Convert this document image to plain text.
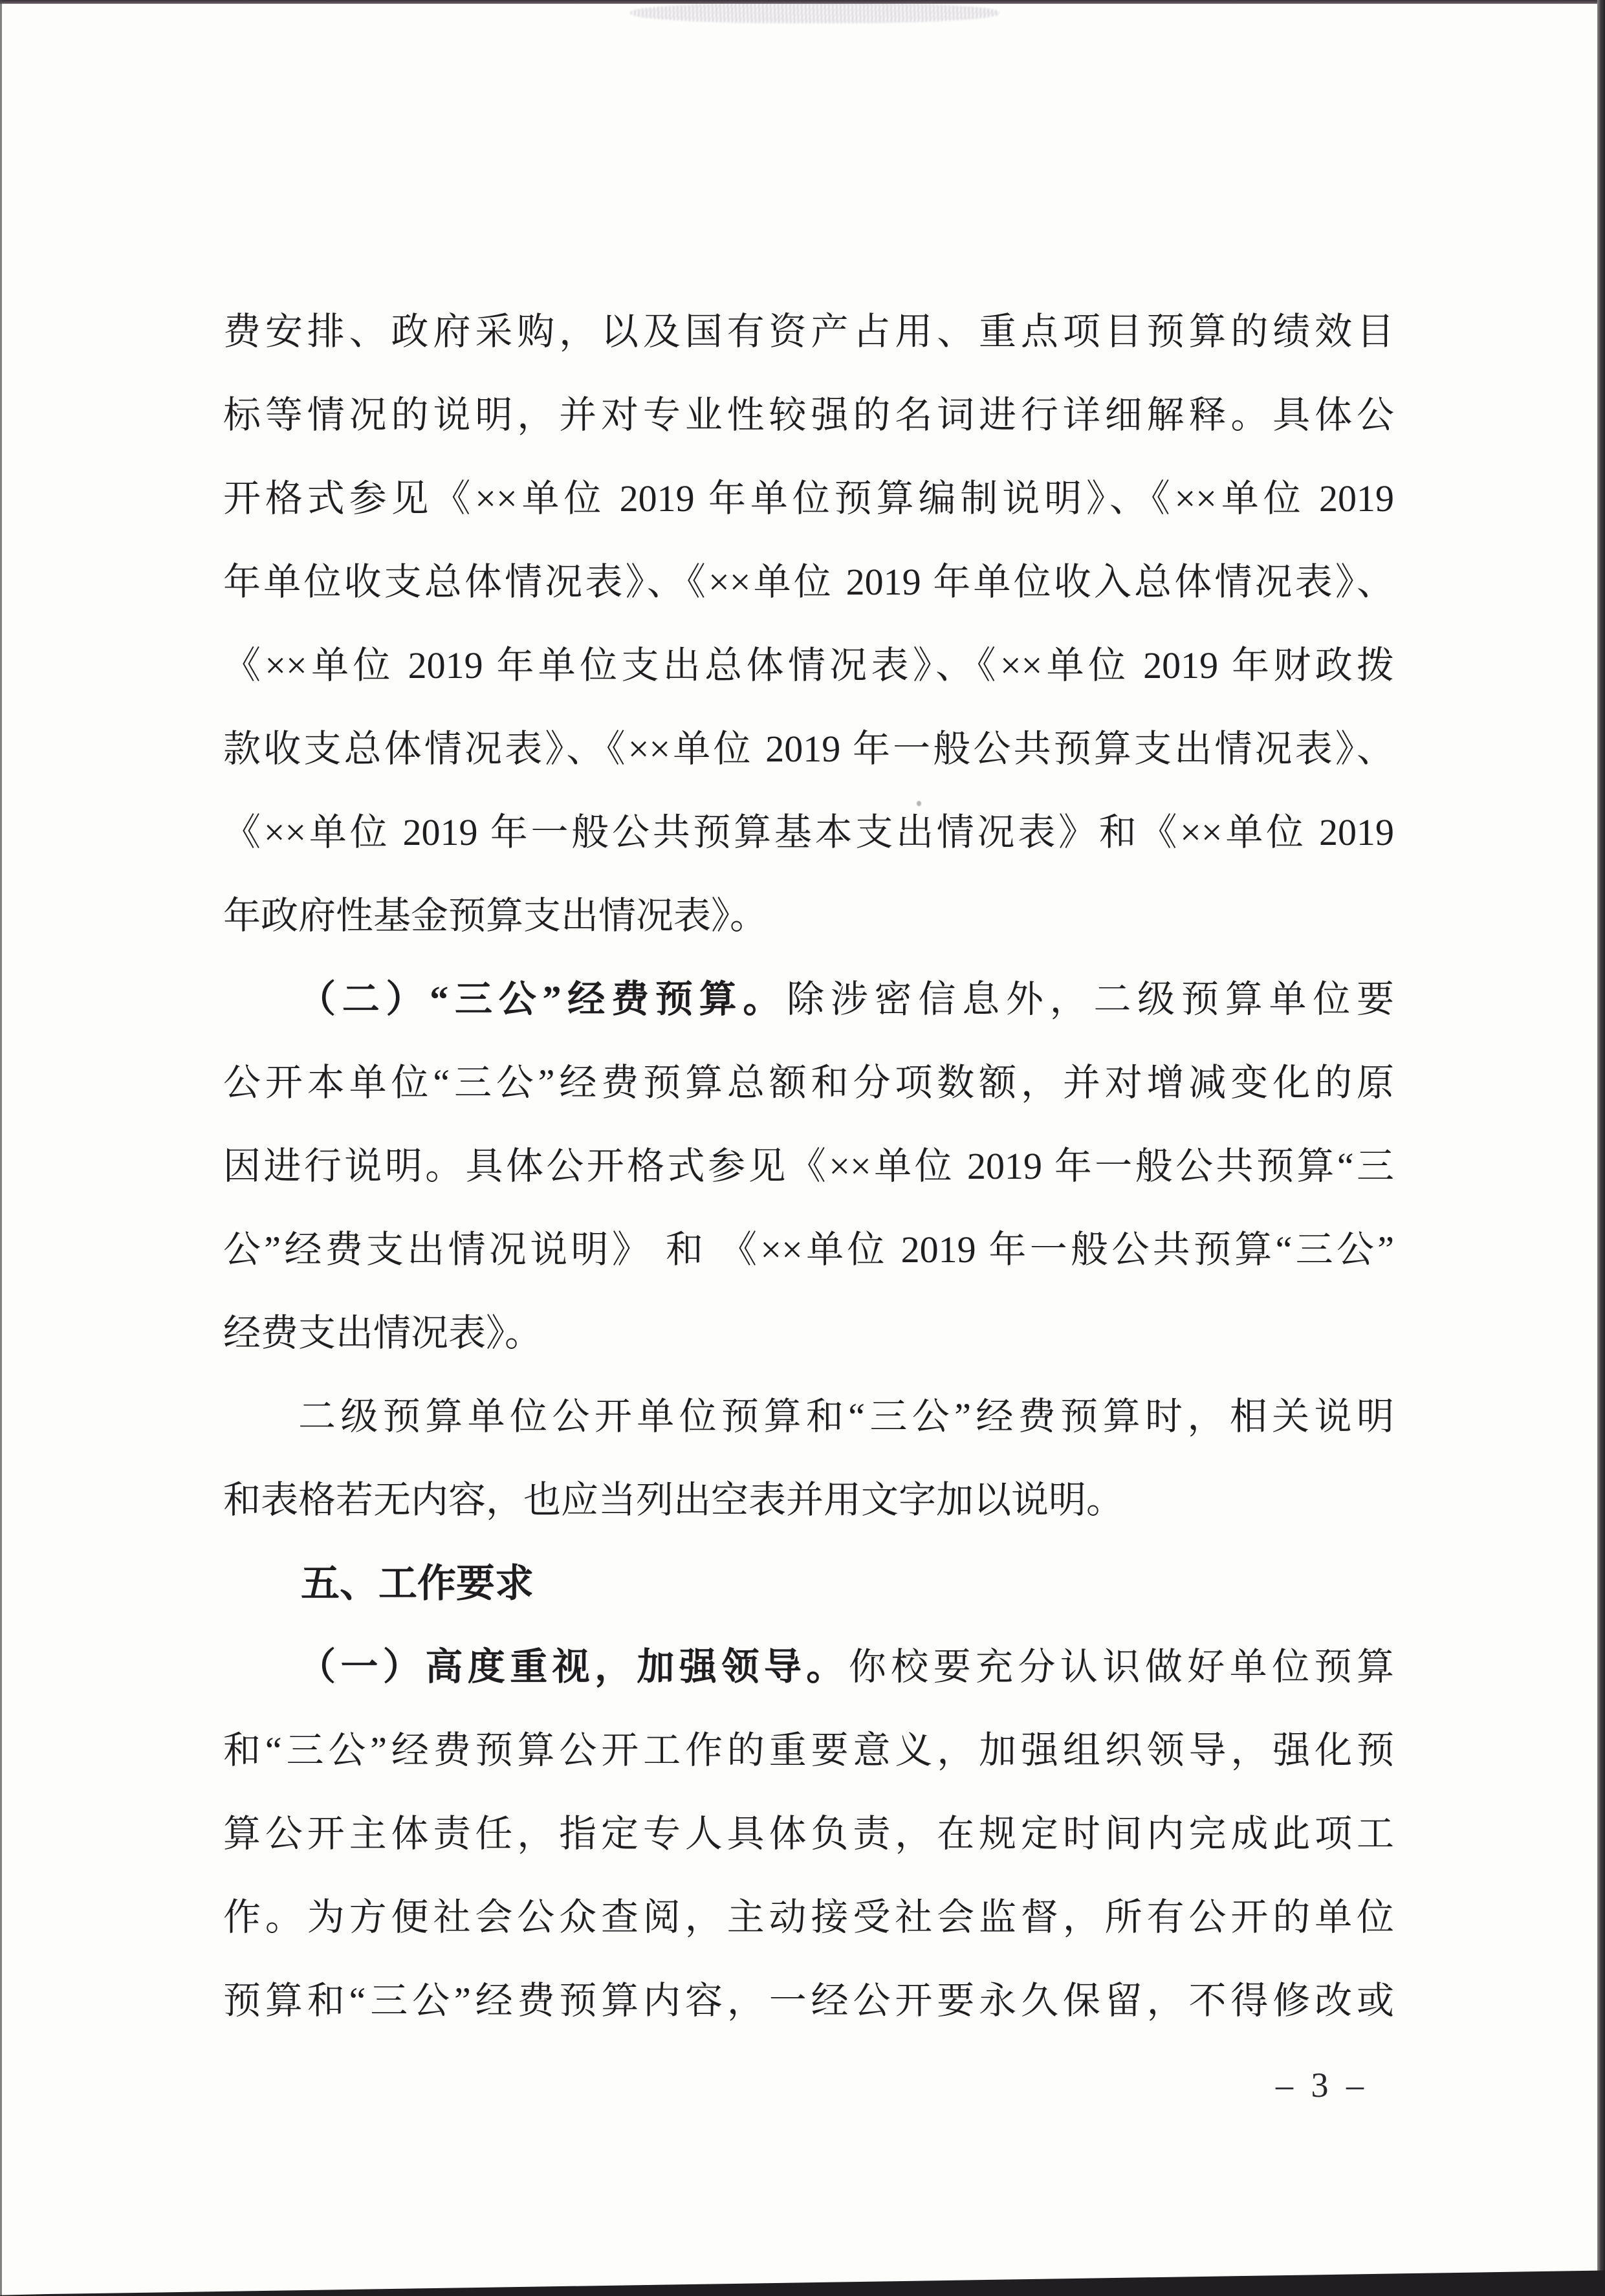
费安排、政府采购，以及国有资产占用、重点项目预算的绩效目
标等情况的说明，并对专业性较强的名词进行详细解释。具体公
开格式参见《××单位 2019 年单位预算编制说明》、《××单位 2019
年单位收支总体情况表》、《××单位 2019 年单位收入总体情况表》、
《××单位 2019 年单位支出总体情况表》、《××单位 2019 年财政拨
款收支总体情况表》、《××单位 2019 年一般公共预算支出情况表》、
《××单位 2019 年一般公共预算基本支出情况表》和《××单位 2019
年政府性基金预算支出情况表》。
（二）“三公”经费预算。除涉密信息外，二级预算单位要
公开本单位“三公”经费预算总额和分项数额，并对增减变化的原
因进行说明。具体公开格式参见《××单位 2019 年一般公共预算“三
公”经费支出情况说明》 和 《××单位 2019 年一般公共预算“三公”
经费支出情况表》。
二级预算单位公开单位预算和“三公”经费预算时，相关说明
和表格若无内容，也应当列出空表并用文字加以说明。
五、工作要求
（一）高度重视，加强领导。你校要充分认识做好单位预算
和“三公”经费预算公开工作的重要意义，加强组织领导，强化预
算公开主体责任，指定专人具体负责，在规定时间内完成此项工
作。为方便社会公众查阅，主动接受社会监督，所有公开的单位
预算和“三公”经费预算内容，一经公开要永久保留，不得修改或
– 3 –
